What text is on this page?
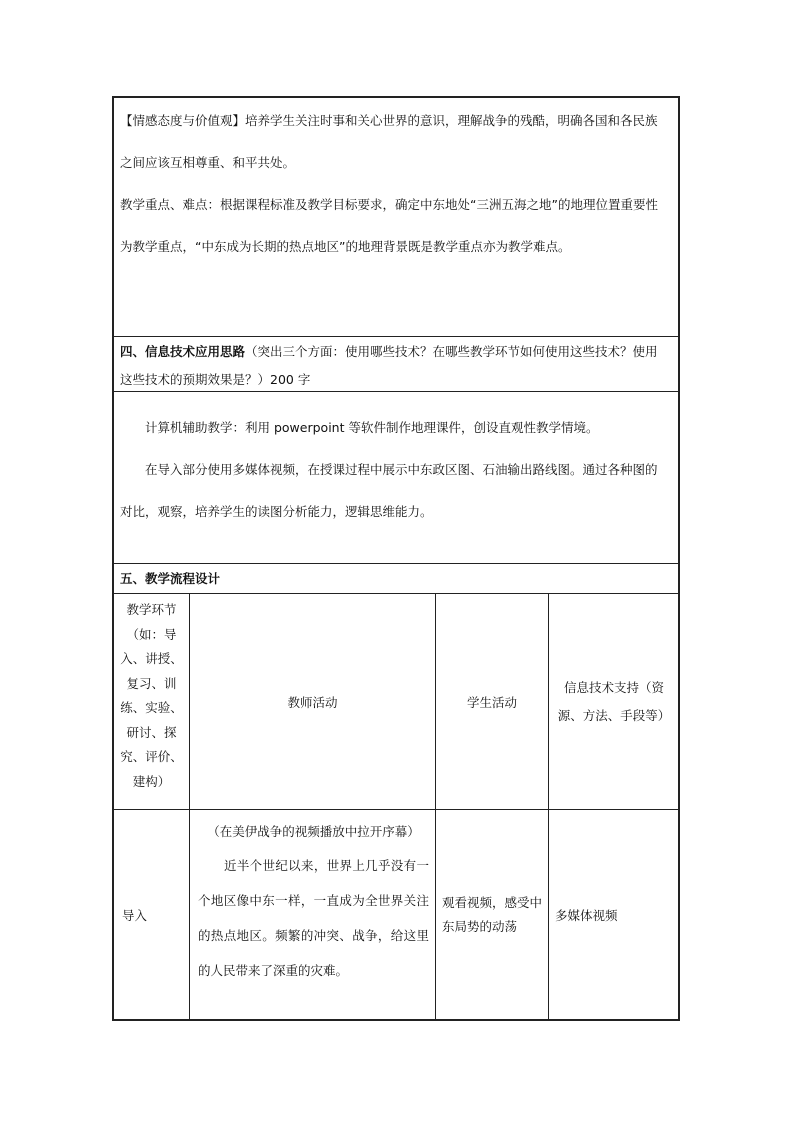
【情感态度与价值观】培养学生关注时事和关心世界的意识，理解战争的残酷，明确各国和各民族之间应该互相尊重、和平共处。

教学重点、难点：根据课程标准及教学目标要求，确定中东地处“三洲五海之地”的地理位置重要性为教学重点，“中东成为长期的热点地区”的地理背景既是教学重点亦为教学难点。

四、信息技术应用思路（突出三个方面：使用哪些技术？在哪些教学环节如何使用这些技术？使用这些技术的预期效果是？）200 字

计算机辅助教学：利用 powerpoint 等软件制作地理课件，创设直观性教学情境。

在导入部分使用多媒体视频，在授课过程中展示中东政区图、石油输出路线图。通过各种图的对比，观察，培养学生的读图分析能力，逻辑思维能力。

五、教学流程设计

教学环节（如：导入、讲授、复习、训练、实验、研讨、探究、评价、建构）
教师活动	学生活动
信息技术支持（资源、方法、手段等）
导入
（在美伊战争的视频播放中拉开序幕）
近半个世纪以来，世界上几乎没有一个地区像中东一样，一直成为全世界关注的热点地区。频繁的冲突、战争，给这里的人民带来了深重的灾难。
观看视频，感受中东局势的动荡
多媒体视频
